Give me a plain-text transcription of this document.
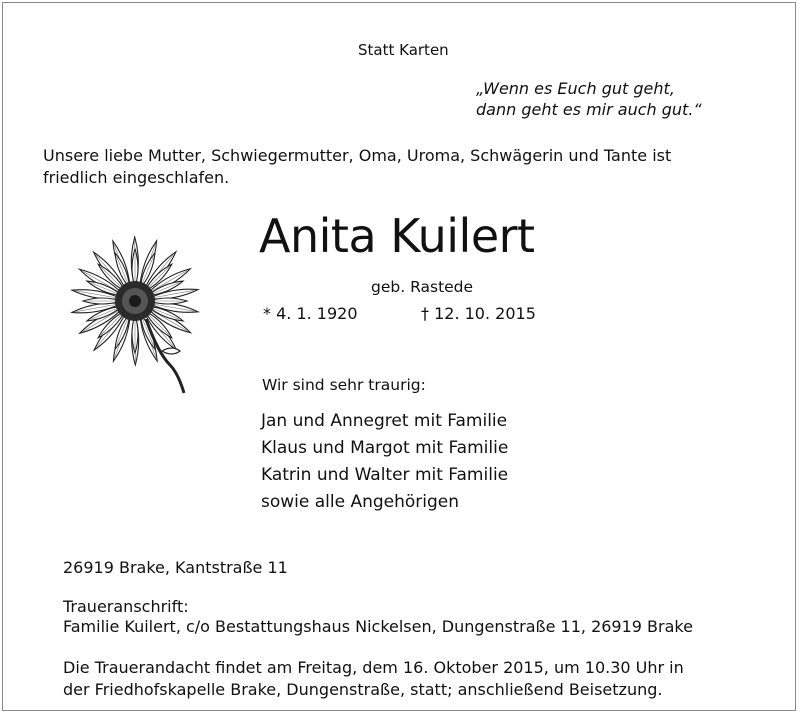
Statt Karten
„Wenn es Euch gut geht,
dann geht es mir auch gut.“
Unsere liebe Mutter, Schwiegermutter, Oma, Uroma, Schwägerin und Tante ist
friedlich eingeschlafen.
Anita Kuilert
geb. Rastede
* 4. 1. 1920	† 12. 10. 2015
Wir sind sehr traurig:
Jan und Annegret mit Familie
Klaus und Margot mit Familie
Katrin und Walter mit Familie
sowie alle Angehörigen
26919 Brake, Kantstraße 11
Traueranschrift:
Familie Kuilert, c/o Bestattungshaus Nickelsen, Dungenstraße 11, 26919 Brake
Die Trauerandacht findet am Freitag, dem 16. Oktober 2015, um 10.30 Uhr in
der Friedhofskapelle Brake, Dungenstraße, statt; anschließend Beisetzung.
